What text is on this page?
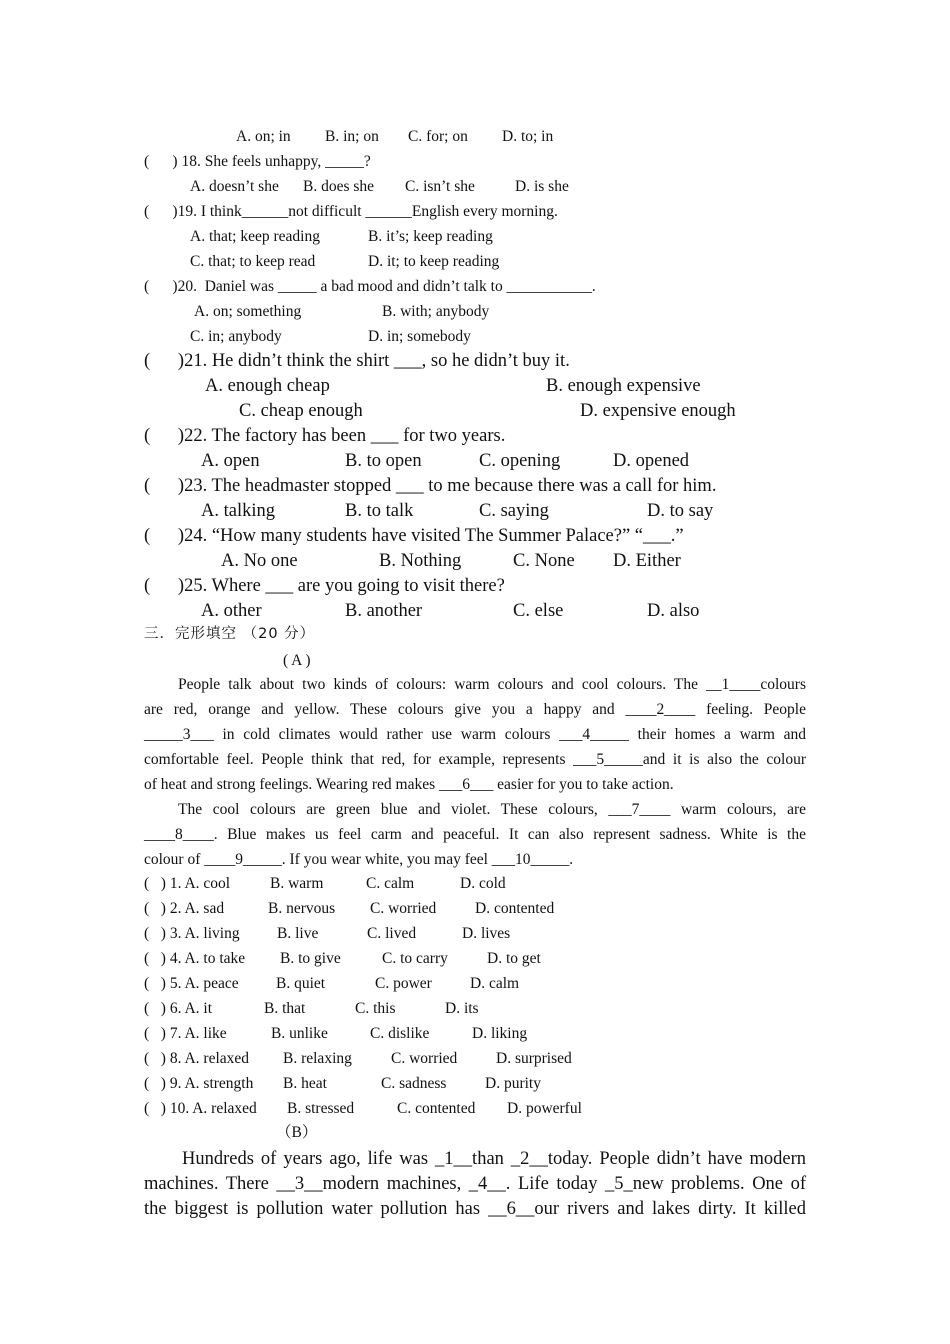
A. on; in B. in; on C. for; on D. to; in
(      ) 18. She feels unhappy, _____?
A. doesn’t she B. does she C. isn’t she	D. is she
(      )19. I think______not difficult ______English every morning.
A. that; keep reading	B. it’s; keep reading
C. that; to keep read	D. it; to keep reading
(      )20.  Daniel was _____ a bad mood and didn’t talk to ___________.
A. on; something	B. with; anybody
C. in; anybody	D. in; somebody
(      )21. He didn’t think the shirt ___, so he didn’t buy it.
A. enough cheap	B. enough expensive
C. cheap enough	D. expensive enough
(      )22. The factory has been ___ for two years.
A. open	B. to open	C. opening	D. opened
(      )23. The headmaster stopped ___ to me because there was a call for him.
A. talking	B. to talk	C. saying	D. to say
(      )24. “How many students have visited The Summer Palace?” “___.”
A. No one	B. Nothing	C. None D. Either
(      )25. Where ___ are you going to visit there?
A. other	B. another	C. else	D. also
三．完形填空 （20 分）
( A )
People talk about two kinds of colours: warm colours and cool colours. The __1____colours
are red, orange and yellow. These colours give you a happy and ____2____ feeling. People
_____3___ in cold climates would rather use warm colours ___4_____ their homes a warm and
comfortable feel. People think that red, for example, represents ___5_____and it is also the colour
of heat and strong feelings. Wearing red makes ___6___ easier for you to take action.
The cool colours are green blue and violet. These colours, ___7____ warm colours, are
____8____. Blue makes us feel carm and peaceful. It can also represent sadness. White is the
colour of ____9_____. If you wear white, you may feel ___10_____.
(   ) 1. A. cool	B. warm	C. calm	D. cold
(   ) 2. A. sad	B. nervous C. worried D. contented
(   ) 3. A. living B. live	C. lived	D. lives
(   ) 4. A. to take B. to give	C. to carry	D. to get
(   ) 5. A. peace B. quiet	C. power D. calm
(   ) 6. A. it	B. that	C. this	D. its
(   ) 7. A. like	B. unlike	C. dislike	D. liking
(   ) 8. A. relaxed B. relaxing	C. worried D. surprised
(   ) 9. A. strength B. heat	C. sadness D. purity
(   ) 10. A. relaxed B. stressed	C. contented D. powerful
（B）
Hundreds of years ago, life was _1__than _2__today. People didn’t have modern
machines. There __3__modern machines, _4__. Life today _5_new problems. One of
the biggest is pollution water pollution has __6__our rivers and lakes dirty. It killed
